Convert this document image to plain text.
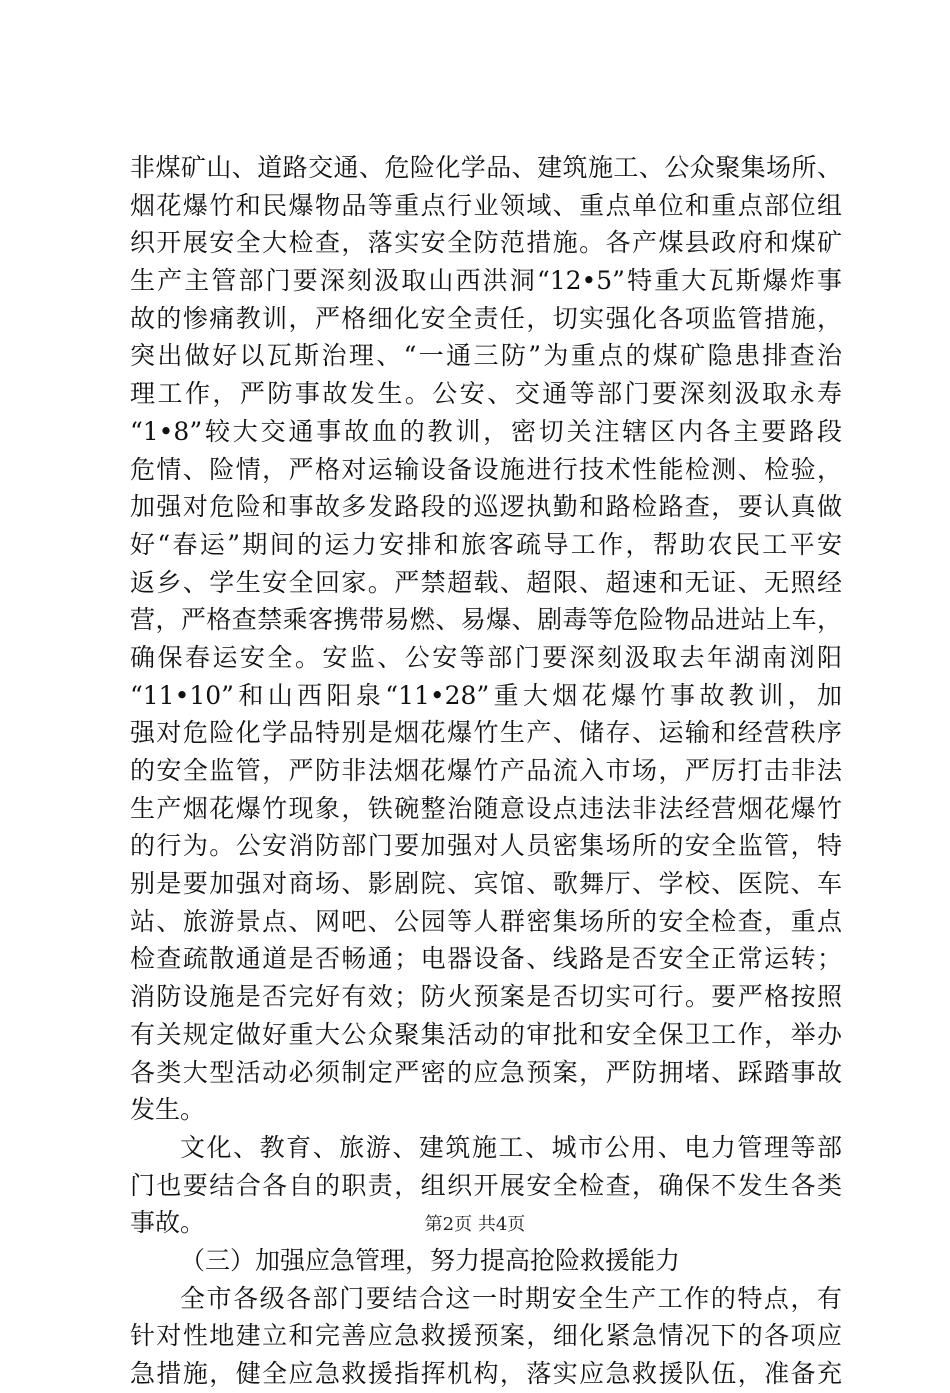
非煤矿山、道路交通、危险化学品、建筑施工、公众聚集场所、
烟花爆竹和民爆物品等重点行业领域、重点单位和重点部位组
织开展安全大检查，落实安全防范措施。各产煤县政府和煤矿
生产主管部门要深刻汲取山西洪洞“12•5”特重大瓦斯爆炸事
故的惨痛教训，严格细化安全责任，切实强化各项监管措施，
突出做好以瓦斯治理、“一通三防”为重点的煤矿隐患排查治
理工作，严防事故发生。公安、交通等部门要深刻汲取永寿
“1•8”较大交通事故血的教训，密切关注辖区内各主要路段
危情、险情，严格对运输设备设施进行技术性能检测、检验，
加强对危险和事故多发路段的巡逻执勤和路检路查，要认真做
好“春运”期间的运力安排和旅客疏导工作，帮助农民工平安
返乡、学生安全回家。严禁超载、超限、超速和无证、无照经
营，严格查禁乘客携带易燃、易爆、剧毒等危险物品进站上车，
确保春运安全。安监、公安等部门要深刻汲取去年湖南浏阳
“11•10”和山西阳泉“11•28”重大烟花爆竹事故教训，加
强对危险化学品特别是烟花爆竹生产、储存、运输和经营秩序
的安全监管，严防非法烟花爆竹产品流入市场，严厉打击非法
生产烟花爆竹现象，铁碗整治随意设点违法非法经营烟花爆竹
的行为。公安消防部门要加强对人员密集场所的安全监管，特
别是要加强对商场、影剧院、宾馆、歌舞厅、学校、医院、车
站、旅游景点、网吧、公园等人群密集场所的安全检查，重点
检查疏散通道是否畅通；电器设备、线路是否安全正常运转；
消防设施是否完好有效；防火预案是否切实可行。要严格按照
有关规定做好重大公众聚集活动的审批和安全保卫工作，举办
各类大型活动必须制定严密的应急预案，严防拥堵、踩踏事故
发生。
文化、教育、旅游、建筑施工、城市公用、电力管理等部
门也要结合各自的职责，组织开展安全检查，确保不发生各类
事故。
（三）加强应急管理，努力提高抢险救援能力
全市各级各部门要结合这一时期安全生产工作的特点，有
针对性地建立和完善应急救援预案，细化紧急情况下的各项应
急措施，健全应急救援指挥机构，落实应急救援队伍，准备充
第2页 共4页
